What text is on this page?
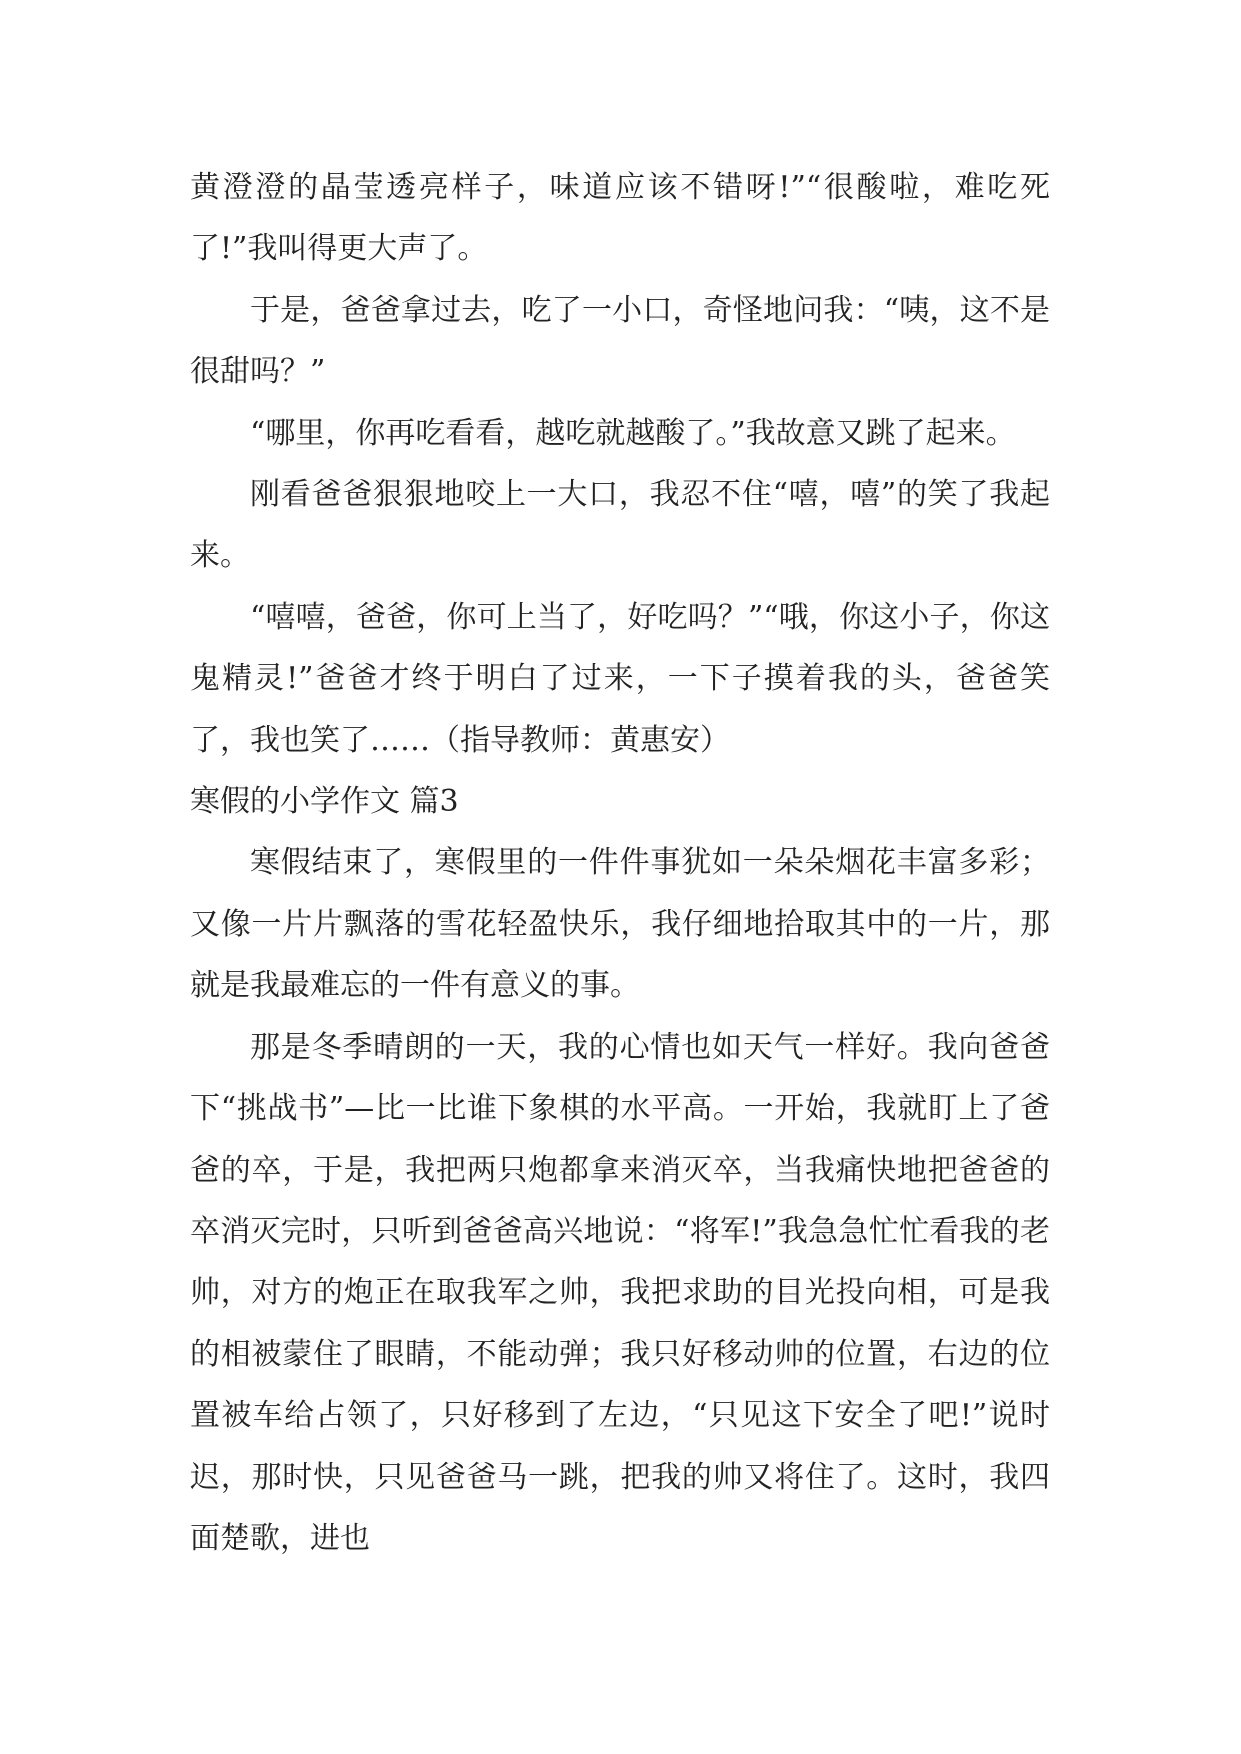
黄澄澄的晶莹透亮样子，味道应该不错呀!”“很酸啦，难吃死了!”我叫得更大声了。

于是，爸爸拿过去，吃了一小口，奇怪地问我：“咦，这不是很甜吗？”

“哪里，你再吃看看，越吃就越酸了。”我故意又跳了起来。

刚看爸爸狠狠地咬上一大口，我忍不住“嘻，嘻”的笑了我起来。

“嘻嘻，爸爸，你可上当了，好吃吗？”“哦，你这小子，你这鬼精灵!”爸爸才终于明白了过来，一下子摸着我的头，爸爸笑了，我也笑了……（指导教师：黄惠安）

寒假的小学作文 篇3

寒假结束了，寒假里的一件件事犹如一朵朵烟花丰富多彩；又像一片片飘落的雪花轻盈快乐，我仔细地拾取其中的一片，那就是我最难忘的一件有意义的事。

那是冬季晴朗的一天，我的心情也如天气一样好。我向爸爸下“挑战书”—比一比谁下象棋的水平高。一开始，我就盯上了爸爸的卒，于是，我把两只炮都拿来消灭卒，当我痛快地把爸爸的卒消灭完时，只听到爸爸高兴地说：“将军!”我急急忙忙看我的老帅，对方的炮正在取我军之帅，我把求助的目光投向相，可是我的相被蒙住了眼睛，不能动弹；我只好移动帅的位置，右边的位置被车给占领了，只好移到了左边，“只见这下安全了吧!”说时迟，那时快，只见爸爸马一跳，把我的帅又将住了。这时，我四面楚歌，进也
